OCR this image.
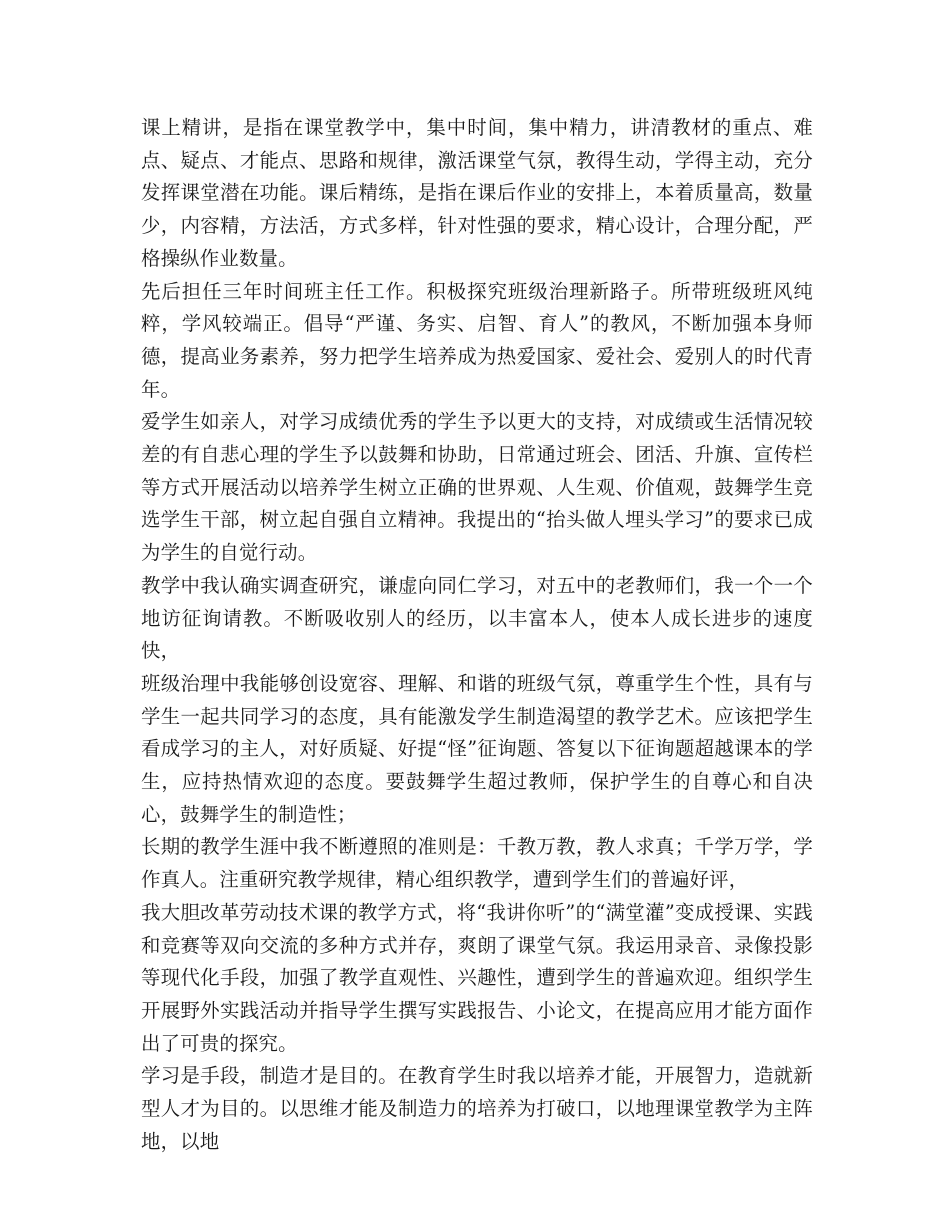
课上精讲，是指在课堂教学中，集中时间，集中精力，讲清教材的重点、难点、疑点、才能点、思路和规律，激活课堂气氛，教得生动，学得主动，充分发挥课堂潜在功能。课后精练，是指在课后作业的安排上，本着质量高，数量少，内容精，方法活，方式多样，针对性强的要求，精心设计，合理分配，严格操纵作业数量。

先后担任三年时间班主任工作。积极探究班级治理新路子。所带班级班风纯粹，学风较端正。倡导“严谨、务实、启智、育人”的教风，不断加强本身师德，提高业务素养，努力把学生培养成为热爱国家、爱社会、爱别人的时代青年。

爱学生如亲人，对学习成绩优秀的学生予以更大的支持，对成绩或生活情况较差的有自悲心理的学生予以鼓舞和协助，日常通过班会、团活、升旗、宣传栏等方式开展活动以培养学生树立正确的世界观、人生观、价值观，鼓舞学生竞选学生干部，树立起自强自立精神。我提出的“抬头做人埋头学习”的要求已成为学生的自觉行动。

教学中我认确实调查研究，谦虚向同仁学习，对五中的老教师们，我一个一个地访征询请教。不断吸收别人的经历，以丰富本人，使本人成长进步的速度快，

班级治理中我能够创设宽容、理解、和谐的班级气氛，尊重学生个性，具有与学生一起共同学习的态度，具有能激发学生制造渴望的教学艺术。应该把学生看成学习的主人，对好质疑、好提“怪”征询题、答复以下征询题超越课本的学生，应持热情欢迎的态度。要鼓舞学生超过教师，保护学生的自尊心和自决心，鼓舞学生的制造性；

长期的教学生涯中我不断遵照的准则是：千教万教，教人求真；千学万学，学作真人。注重研究教学规律，精心组织教学，遭到学生们的普遍好评，

我大胆改革劳动技术课的教学方式，将“我讲你听”的“满堂灌”变成授课、实践和竞赛等双向交流的多种方式并存，爽朗了课堂气氛。我运用录音、录像投影等现代化手段，加强了教学直观性、兴趣性，遭到学生的普遍欢迎。组织学生开展野外实践活动并指导学生撰写实践报告、小论文，在提高应用才能方面作出了可贵的探究。

学习是手段，制造才是目的。在教育学生时我以培养才能，开展智力，造就新型人才为目的。以思维才能及制造力的培养为打破口，以地理课堂教学为主阵地，以地
